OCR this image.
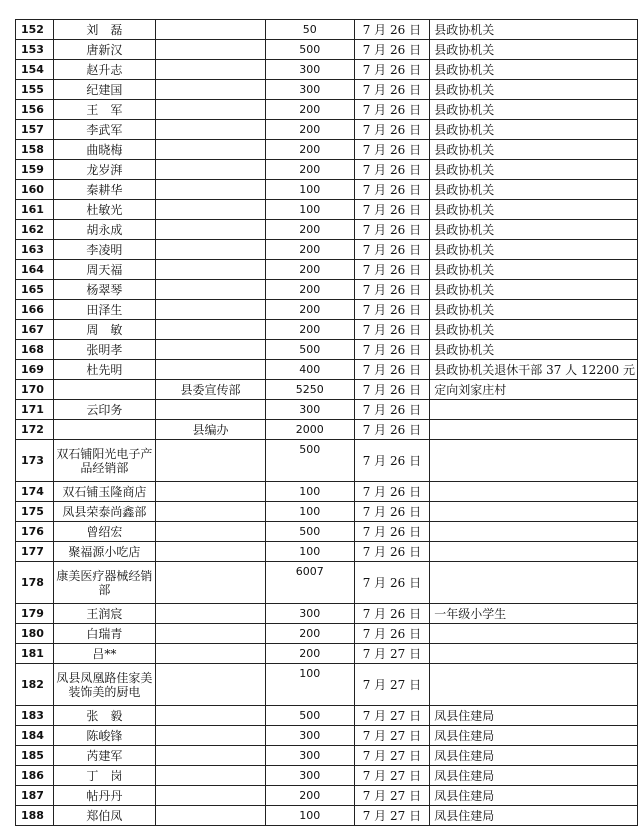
152	刘　磊		50	7 月 26 日	县政协机关
153	唐新汉		500	7 月 26 日	县政协机关
154	赵升志		300	7 月 26 日	县政协机关
155	纪建国		300	7 月 26 日	县政协机关
156	王　军		200	7 月 26 日	县政协机关
157	李武军		200	7 月 26 日	县政协机关
158	曲晓梅		200	7 月 26 日	县政协机关
159	龙岁湃		200	7 月 26 日	县政协机关
160	秦耕华		100	7 月 26 日	县政协机关
161	杜敏光		100	7 月 26 日	县政协机关
162	胡永成		200	7 月 26 日	县政协机关
163	李凌明		200	7 月 26 日	县政协机关
164	周天福		200	7 月 26 日	县政协机关
165	杨翠琴		200	7 月 26 日	县政协机关
166	田泽生		200	7 月 26 日	县政协机关
167	周　敏		200	7 月 26 日	县政协机关
168	张明孝		500	7 月 26 日	县政协机关
169	杜先明		400	7 月 26 日	县政协机关退休干部 37 人 12200 元
170		县委宣传部	5250	7 月 26 日	定向刘家庄村
171	云印务		300	7 月 26 日	
172		县编办	2000	7 月 26 日	
173	双石铺阳光电子产品经销部		500	7 月 26 日	
174	双石铺玉隆商店		100	7 月 26 日	
175	凤县荣泰尚鑫部		100	7 月 26 日	
176	曾绍宏		500	7 月 26 日	
177	聚福源小吃店		100	7 月 26 日	
178	康美医疗器械经销部		6007	7 月 26 日	
179	王润宸		300	7 月 26 日	一年级小学生
180	白瑞青		200	7 月 26 日	
181	吕**		200	7 月 27 日	
182	凤县凤凰路佳家美装饰美的厨电		100	7 月 27 日	
183	张　毅		500	7 月 27 日	凤县住建局
184	陈峻锋		300	7 月 27 日	凤县住建局
185	芮建军		300	7 月 27 日	凤县住建局
186	丁　岗		300	7 月 27 日	凤县住建局
187	帖丹丹		200	7 月 27 日	凤县住建局
188	郑伯凤		100	7 月 27 日	凤县住建局
